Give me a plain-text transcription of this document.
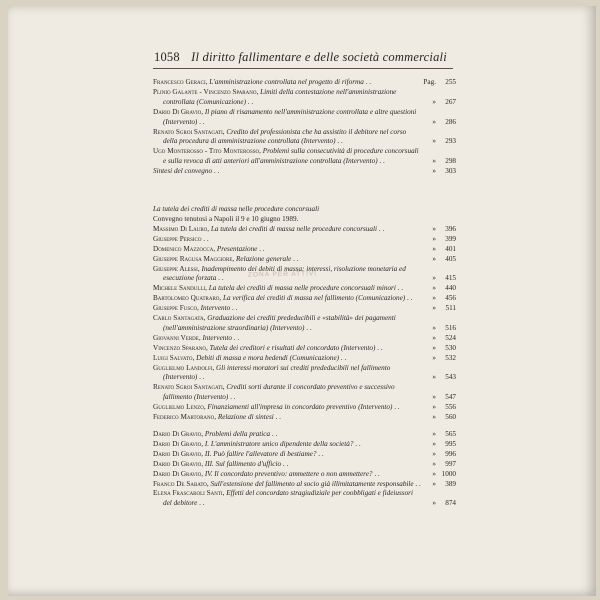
1058 Il diritto fallimentare e delle società commerciali
ZONA PER ATTIVI
Francesco Geraci, L'amministrazione controllata nel progetto di riforma . .	Pag.	255
Plinio Galante - Vincenzo Sparano, Limiti della contestazione nell'amministrazione controllata (Comunicazione) . .	»	267
Dario Di Gravio, Il piano di risanamento nell'amministrazione controllata e altre questioni (Intervento) . .	»	286
Renato Sgroi Santagati, Credito del professionista che ha assistito il debitore nel corso della procedura di amministrazione controllata (Intervento) . .	»	293
Ugo Monterosso - Tito Monterosso, Problemi sulla consecutività di procedure concorsuali e sulla revoca di atti anteriori all'amministrazione controllata (Intervento) . .	»	298
Sintesi del convegno . .	»	303
La tutela dei crediti di massa nelle procedure concorsuali
Convegno tenutosi a Napoli il 9 e 10 giugno 1989.
Massimo Di Lauro, La tutela dei crediti di massa nelle procedure concorsuali . .	»	396
Giuseppe Persico . .	»	399
Domenico Mazzocca, Presentazione . .	»	401
Giuseppe Ragusa Maggiore, Relazione generale . .	»	405
Giuseppe Alessi, Inadempimento dei debiti di massa: interessi, risoluzione monetaria ed esecuzione forzata . .	»	415
Michele Sandulli, La tutela dei crediti di massa nelle procedure concorsuali minori . .	»	440
Bartolomeo Quatraro, La verifica dei crediti di massa nel fallimento (Comunicazione) . .	»	456
Giuseppe Fusco, Intervento . .	»	511
Carlo Santagata, Graduazione dei crediti prededucibili e «stabilità» dei pagamenti (nell'amministrazione straordinaria) (Intervento) . .	»	516
Giovanni Verde, Intervento . .	»	524
Vincenzo Sparano, Tutela dei creditori e risultati del concordato (Intervento) . .	»	530
Luigi Salvato, Debiti di massa e mora bedendi (Comunicazione) . .	»	532
Guglielmo Landolfi, Gli interessi moratori sui crediti prededucibili nel fallimento (Intervento) . .	»	543
Renato Sgroi Santagati, Crediti sorti durante il concordato preventivo e successivo fallimento (Intervento) . .	»	547
Guglielmo Lenzo, Finanziamenti all'impresa in concordato preventivo (Intervento) . .	»	556
Federico Martorano, Relazione di sintesi . .	»	560
Dario Di Gravio, Problemi della pratica . .	»	565
Dario Di Gravio, I. L'amministratore unico dipendente della società? . .	»	995
Dario Di Gravio, II. Può fallire l'allevatore di bestiame? . .	»	996
Dario Di Gravio, III. Sul fallimento d'ufficio . .	»	997
Dario Di Gravio, IV. Il concordato preventivo: ammettere o non ammettere? . .	» 1000
Franco De Sabato, Sull'estensione del fallimento al socio già illimitatamente responsabile . .	»	389
Elena Frascaroli Santi, Effetti del concordato stragiudiziale per coobbligati e fideiussori del debitore . .	»	874
